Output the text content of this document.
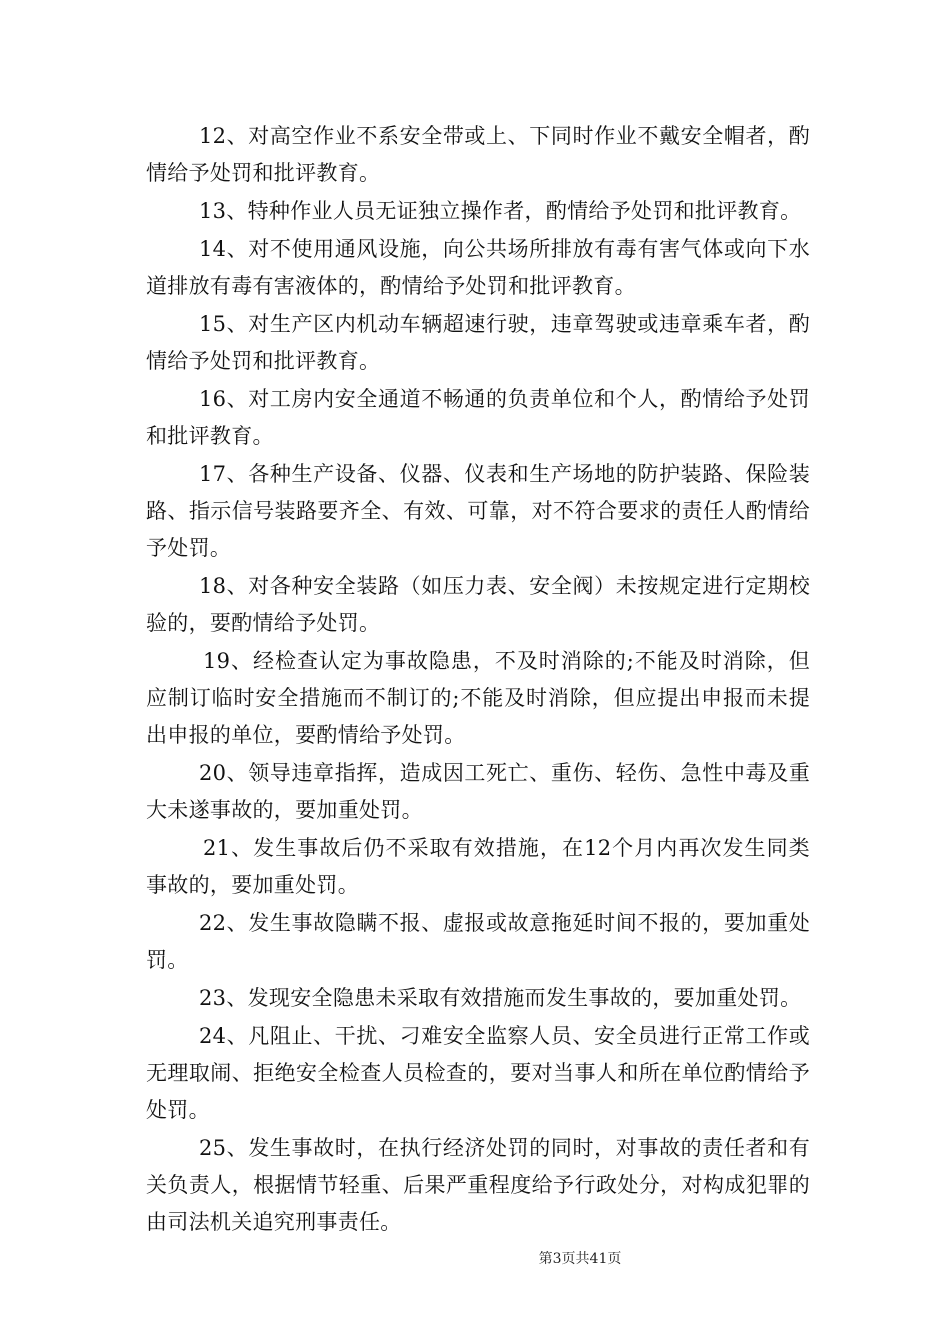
12、对高空作业不系安全带或上、下同时作业不戴安全帽者，酌情给予处罚和批评教育。

13、特种作业人员无证独立操作者，酌情给予处罚和批评教育。

14、对不使用通风设施，向公共场所排放有毒有害气体或向下水道排放有毒有害液体的，酌情给予处罚和批评教育。

15、对生产区内机动车辆超速行驶，违章驾驶或违章乘车者，酌情给予处罚和批评教育。

16、对工房内安全通道不畅通的负责单位和个人，酌情给予处罚和批评教育。

17、各种生产设备、仪器、仪表和生产场地的防护装路、保险装路、指示信号装路要齐全、有效、可靠，对不符合要求的责任人酌情给予处罚。

18、对各种安全装路（如压力表、安全阀）未按规定进行定期校验的，要酌情给予处罚。

19、经检查认定为事故隐患，不及时消除的;不能及时消除，但应制订临时安全措施而不制订的;不能及时消除，但应提出申报而未提出申报的单位，要酌情给予处罚。

20、领导违章指挥，造成因工死亡、重伤、轻伤、急性中毒及重大未遂事故的，要加重处罚。

21、发生事故后仍不采取有效措施，在12个月内再次发生同类事故的，要加重处罚。

22、发生事故隐瞒不报、虚报或故意拖延时间不报的，要加重处罚。

23、发现安全隐患未采取有效措施而发生事故的，要加重处罚。

24、凡阻止、干扰、刁难安全监察人员、安全员进行正常工作或无理取闹、拒绝安全检查人员检查的，要对当事人和所在单位酌情给予处罚。

25、发生事故时，在执行经济处罚的同时，对事故的责任者和有关负责人，根据情节轻重、后果严重程度给予行政处分，对构成犯罪的由司法机关追究刑事责任。

第3页共41页
